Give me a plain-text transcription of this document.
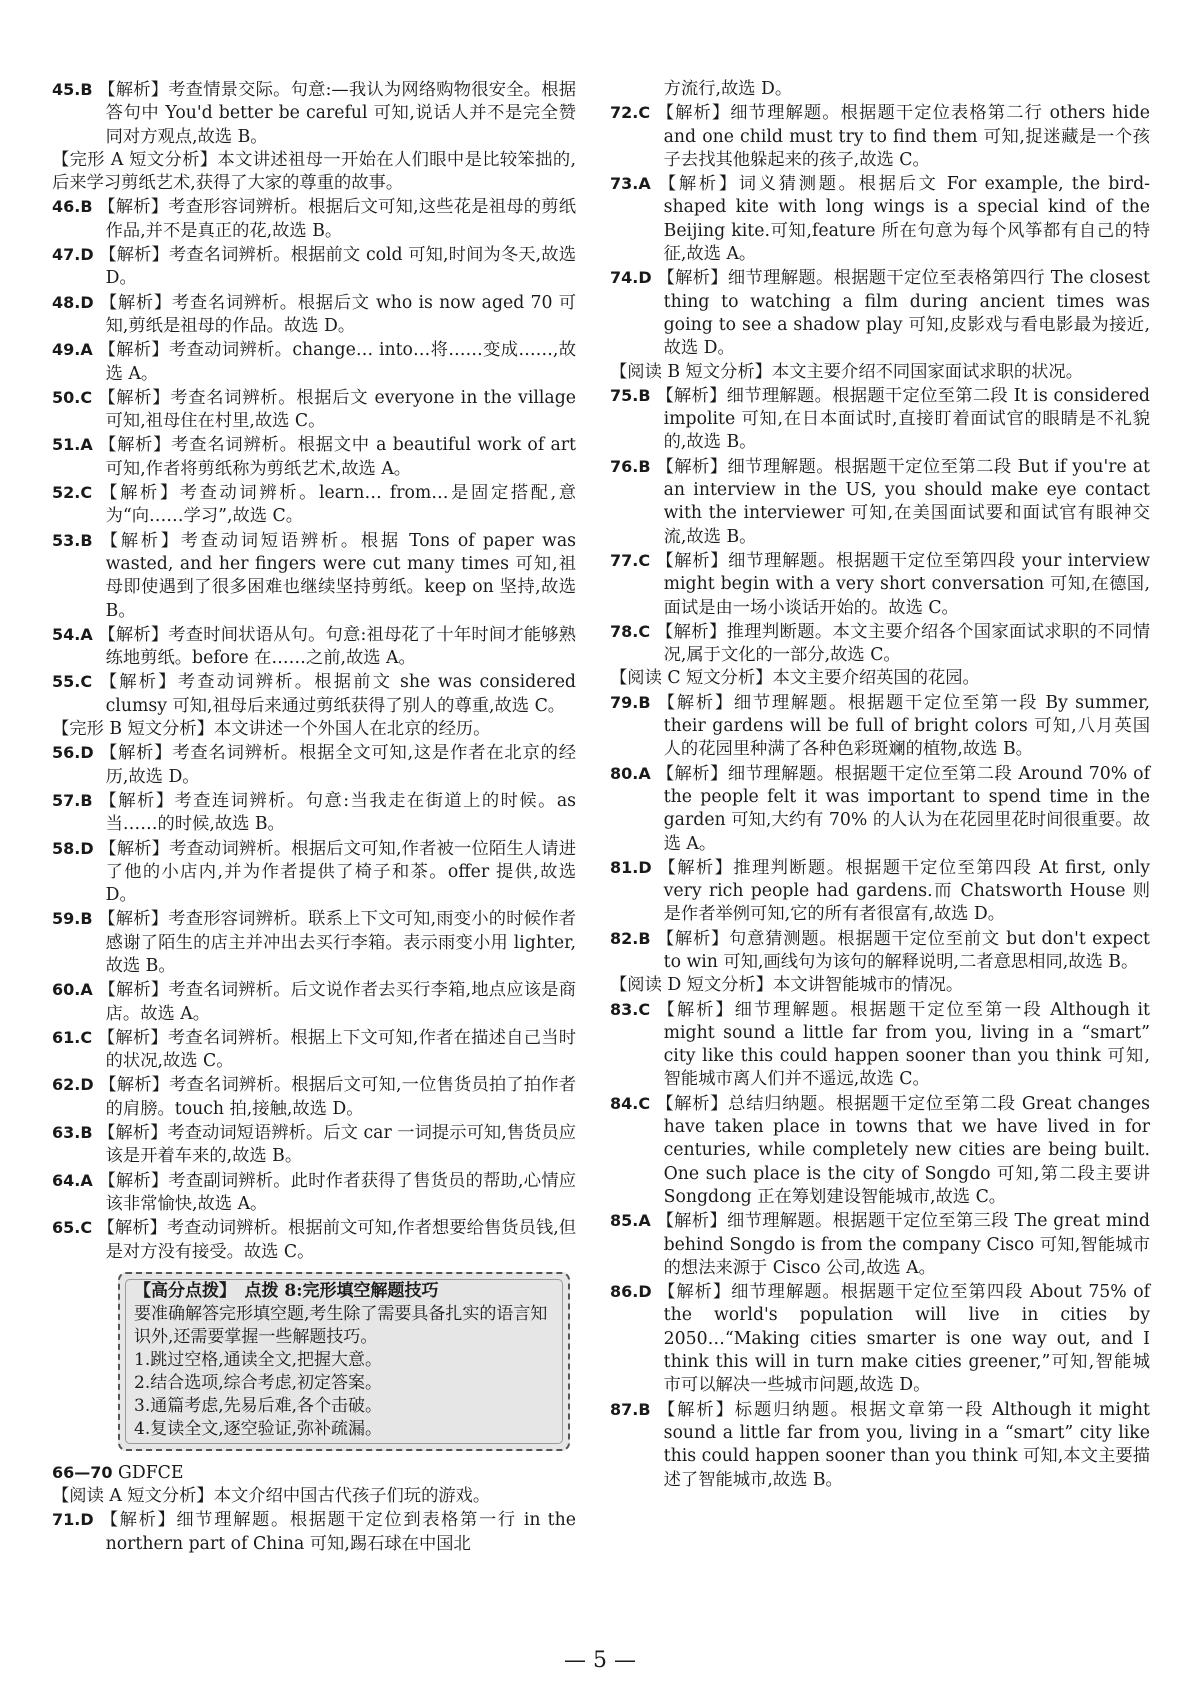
45.B 【解析】考查情景交际。句意:—我认为网络购物很安全。根据答句中 You'd better be careful 可知,说话人并不是完全赞同对方观点,故选 B。

【完形 A 短文分析】本文讲述祖母一开始在人们眼中是比较笨拙的,后来学习剪纸艺术,获得了大家的尊重的故事。

46.B 【解析】考查形容词辨析。根据后文可知,这些花是祖母的剪纸作品,并不是真正的花,故选 B。

47.D 【解析】考查名词辨析。根据前文 cold 可知,时间为冬天,故选 D。

48.D 【解析】考查名词辨析。根据后文 who is now aged 70 可知,剪纸是祖母的作品。故选 D。

49.A 【解析】考查动词辨析。change… into…将……变成……,故选 A。

50.C 【解析】考查名词辨析。根据后文 everyone in the village 可知,祖母住在村里,故选 C。

51.A 【解析】考查名词辨析。根据文中 a beautiful work of art 可知,作者将剪纸称为剪纸艺术,故选 A。

52.C 【解析】考查动词辨析。learn… from…是固定搭配,意为“向……学习”,故选 C。

53.B 【解析】考查动词短语辨析。根据 Tons of paper was wasted, and her fingers were cut many times 可知,祖母即使遇到了很多困难也继续坚持剪纸。keep on 坚持,故选 B。

54.A 【解析】考查时间状语从句。句意:祖母花了十年时间才能够熟练地剪纸。before 在……之前,故选 A。

55.C 【解析】考查动词辨析。根据前文 she was considered clumsy 可知,祖母后来通过剪纸获得了别人的尊重,故选 C。

【完形 B 短文分析】本文讲述一个外国人在北京的经历。

56.D 【解析】考查名词辨析。根据全文可知,这是作者在北京的经历,故选 D。

57.B 【解析】考查连词辨析。句意:当我走在街道上的时候。as 当……的时候,故选 B。

58.D 【解析】考查动词辨析。根据后文可知,作者被一位陌生人请进了他的小店内,并为作者提供了椅子和茶。offer 提供,故选 D。

59.B 【解析】考查形容词辨析。联系上下文可知,雨变小的时候作者感谢了陌生的店主并冲出去买行李箱。表示雨变小用 lighter,故选 B。

60.A 【解析】考查名词辨析。后文说作者去买行李箱,地点应该是商店。故选 A。

61.C 【解析】考查名词辨析。根据上下文可知,作者在描述自己当时的状况,故选 C。

62.D 【解析】考查名词辨析。根据后文可知,一位售货员拍了拍作者的肩膀。touch 拍,接触,故选 D。

63.B 【解析】考查动词短语辨析。后文 car 一词提示可知,售货员应该是开着车来的,故选 B。

64.A 【解析】考查副词辨析。此时作者获得了售货员的帮助,心情应该非常愉快,故选 A。

65.C 【解析】考查动词辨析。根据前文可知,作者想要给售货员钱,但是对方没有接受。故选 C。

【高分点拨】　点拨 8:完形填空解题技巧

要准确解答完形填空题,考生除了需要具备扎实的语言知识外,还需要掌握一些解题技巧。

1.跳过空格,通读全文,把握大意。

2.结合选项,综合考虑,初定答案。

3.通篇考虑,先易后难,各个击破。

4.复读全文,逐空验证,弥补疏漏。

66—70 GDFCE

【阅读 A 短文分析】本文介绍中国古代孩子们玩的游戏。

71.D 【解析】细节理解题。根据题干定位到表格第一行 in the northern part of China 可知,踢石球在中国北

方流行,故选 D。

72.C 【解析】细节理解题。根据题干定位表格第二行 others hide and one child must try to find them 可知,捉迷藏是一个孩子去找其他躲起来的孩子,故选 C。

73.A 【解析】词义猜测题。根据后文 For example, the bird-shaped kite with long wings is a special kind of the Beijing kite.可知,feature 所在句意为每个风筝都有自己的特征,故选 A。

74.D 【解析】细节理解题。根据题干定位至表格第四行 The closest thing to watching a film during ancient times was going to see a shadow play 可知,皮影戏与看电影最为接近,故选 D。

【阅读 B 短文分析】本文主要介绍不同国家面试求职的状况。

75.B 【解析】细节理解题。根据题干定位至第二段 It is considered impolite 可知,在日本面试时,直接盯着面试官的眼睛是不礼貌的,故选 B。

76.B 【解析】细节理解题。根据题干定位至第二段 But if you're at an interview in the US, you should make eye contact with the interviewer 可知,在美国面试要和面试官有眼神交流,故选 B。

77.C 【解析】细节理解题。根据题干定位至第四段 your interview might begin with a very short conversation 可知,在德国,面试是由一场小谈话开始的。故选 C。

78.C 【解析】推理判断题。本文主要介绍各个国家面试求职的不同情况,属于文化的一部分,故选 C。

【阅读 C 短文分析】本文主要介绍英国的花园。

79.B 【解析】细节理解题。根据题干定位至第一段 By summer, their gardens will be full of bright colors 可知,八月英国人的花园里种满了各种色彩斑斓的植物,故选 B。

80.A 【解析】细节理解题。根据题干定位至第二段 Around 70% of the people felt it was important to spend time in the garden 可知,大约有 70% 的人认为在花园里花时间很重要。故选 A。

81.D 【解析】推理判断题。根据题干定位至第四段 At first, only very rich people had gardens.而 Chatsworth House 则是作者举例可知,它的所有者很富有,故选 D。

82.B 【解析】句意猜测题。根据题干定位至前文 but don't expect to win 可知,画线句为该句的解释说明,二者意思相同,故选 B。

【阅读 D 短文分析】本文讲智能城市的情况。

83.C 【解析】细节理解题。根据题干定位至第一段 Although it might sound a little far from you, living in a “smart” city like this could happen sooner than you think 可知,智能城市离人们并不遥远,故选 C。

84.C 【解析】总结归纳题。根据题干定位至第二段 Great changes have taken place in towns that we have lived in for centuries, while completely new cities are being built. One such place is the city of Songdo 可知,第二段主要讲 Songdong 正在筹划建设智能城市,故选 C。

85.A 【解析】细节理解题。根据题干定位至第三段 The great mind behind Songdo is from the company Cisco 可知,智能城市的想法来源于 Cisco 公司,故选 A。

86.D 【解析】细节理解题。根据题干定位至第四段 About 75% of the world's population will live in cities by 2050…“Making cities smarter is one way out, and I think this will in turn make cities greener,”可知,智能城市可以解决一些城市问题,故选 D。

87.B 【解析】标题归纳题。根据文章第一段 Although it might sound a little far from you, living in a “smart” city like this could happen sooner than you think 可知,本文主要描述了智能城市,故选 B。

— 5 —
